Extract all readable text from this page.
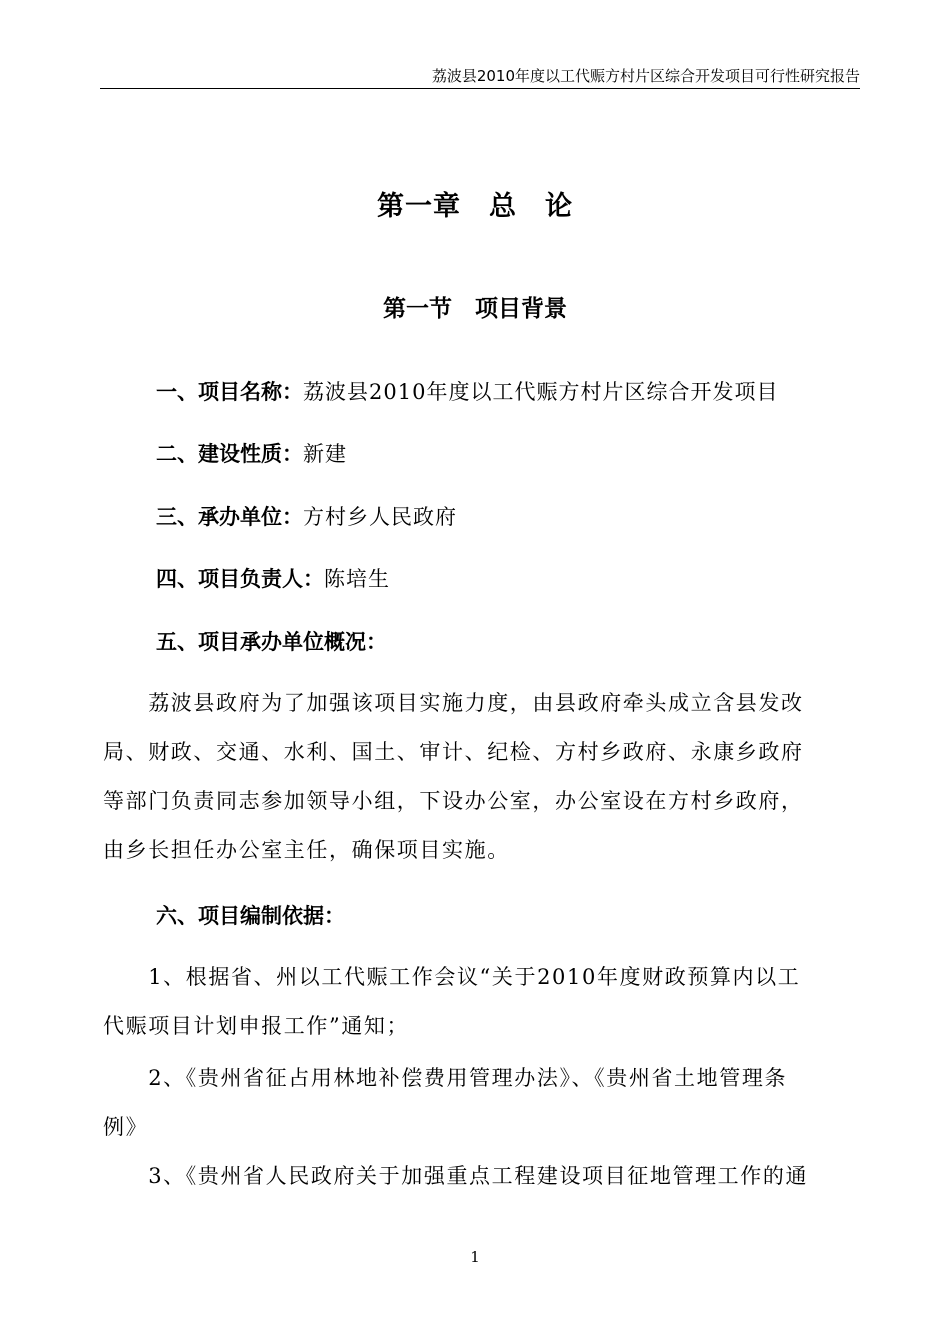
荔波县2010年度以工代赈方村片区综合开发项目可行性研究报告
第一章　总　论
第一节　项目背景
一、项目名称：荔波县2010年度以工代赈方村片区综合开发项目
二、建设性质：新建
三、承办单位：方村乡人民政府
四、项目负责人：陈培生
五、项目承办单位概况：
　　荔波县政府为了加强该项目实施力度，由县政府牵头成立含县发改
局、财政、交通、水利、国土、审计、纪检、方村乡政府、永康乡政府
等部门负责同志参加领导小组，下设办公室，办公室设在方村乡政府，
由乡长担任办公室主任，确保项目实施。
六、项目编制依据：
　　1、根据省、州以工代赈工作会议“关于2010年度财政预算内以工
代赈项目计划申报工作”通知；
　　2、《贵州省征占用林地补偿费用管理办法》、《贵州省土地管理条
例》
　　3、《贵州省人民政府关于加强重点工程建设项目征地管理工作的通
1
